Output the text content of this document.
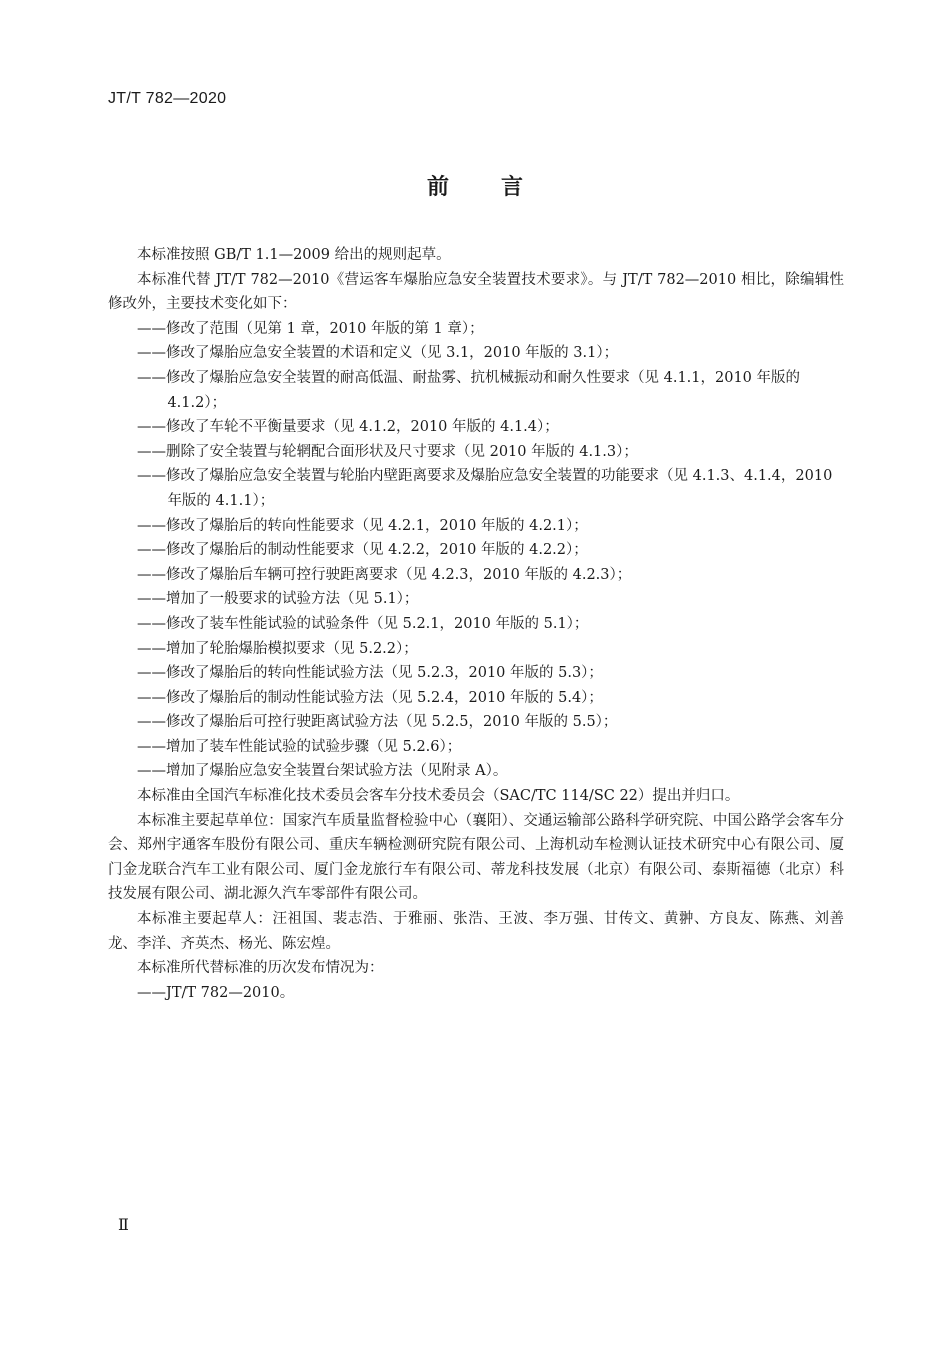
JT/T 782—2020
前言

本标准按照 GB/T 1.1—2009 给出的规则起草。

本标准代替 JT/T 782—2010《营运客车爆胎应急安全装置技术要求》。与 JT/T 782—2010 相比，除编辑性修改外，主要技术变化如下：

——修改了范围（见第 1 章，2010 年版的第 1 章）；

——修改了爆胎应急安全装置的术语和定义（见 3.1，2010 年版的 3.1）；

——修改了爆胎应急安全装置的耐高低温、耐盐雾、抗机械振动和耐久性要求（见 4.1.1，2010 年版的 4.1.2）；

——修改了车轮不平衡量要求（见 4.1.2，2010 年版的 4.1.4）；

——删除了安全装置与轮辋配合面形状及尺寸要求（见 2010 年版的 4.1.3）；

——修改了爆胎应急安全装置与轮胎内壁距离要求及爆胎应急安全装置的功能要求（见 4.1.3、4.1.4，2010 年版的 4.1.1）；

——修改了爆胎后的转向性能要求（见 4.2.1，2010 年版的 4.2.1）；

——修改了爆胎后的制动性能要求（见 4.2.2，2010 年版的 4.2.2）；

——修改了爆胎后车辆可控行驶距离要求（见 4.2.3，2010 年版的 4.2.3）；

——增加了一般要求的试验方法（见 5.1）；

——修改了装车性能试验的试验条件（见 5.2.1，2010 年版的 5.1）；

——增加了轮胎爆胎模拟要求（见 5.2.2）；

——修改了爆胎后的转向性能试验方法（见 5.2.3，2010 年版的 5.3）；

——修改了爆胎后的制动性能试验方法（见 5.2.4，2010 年版的 5.4）；

——修改了爆胎后可控行驶距离试验方法（见 5.2.5，2010 年版的 5.5）；

——增加了装车性能试验的试验步骤（见 5.2.6）；

——增加了爆胎应急安全装置台架试验方法（见附录 A）。

本标准由全国汽车标准化技术委员会客车分技术委员会（SAC/TC 114/SC 22）提出并归口。

本标准主要起草单位：国家汽车质量监督检验中心（襄阳）、交通运输部公路科学研究院、中国公路学会客车分会、郑州宇通客车股份有限公司、重庆车辆检测研究院有限公司、上海机动车检测认证技术研究中心有限公司、厦门金龙联合汽车工业有限公司、厦门金龙旅行车有限公司、蒂龙科技发展（北京）有限公司、泰斯福德（北京）科技发展有限公司、湖北源久汽车零部件有限公司。

本标准主要起草人：汪祖国、裴志浩、于雅丽、张浩、王波、李万强、甘传文、黄翀、方良友、陈燕、刘善龙、李洋、齐英杰、杨光、陈宏煌。

本标准所代替标准的历次发布情况为：

——JT/T 782—2010。

Ⅱ
